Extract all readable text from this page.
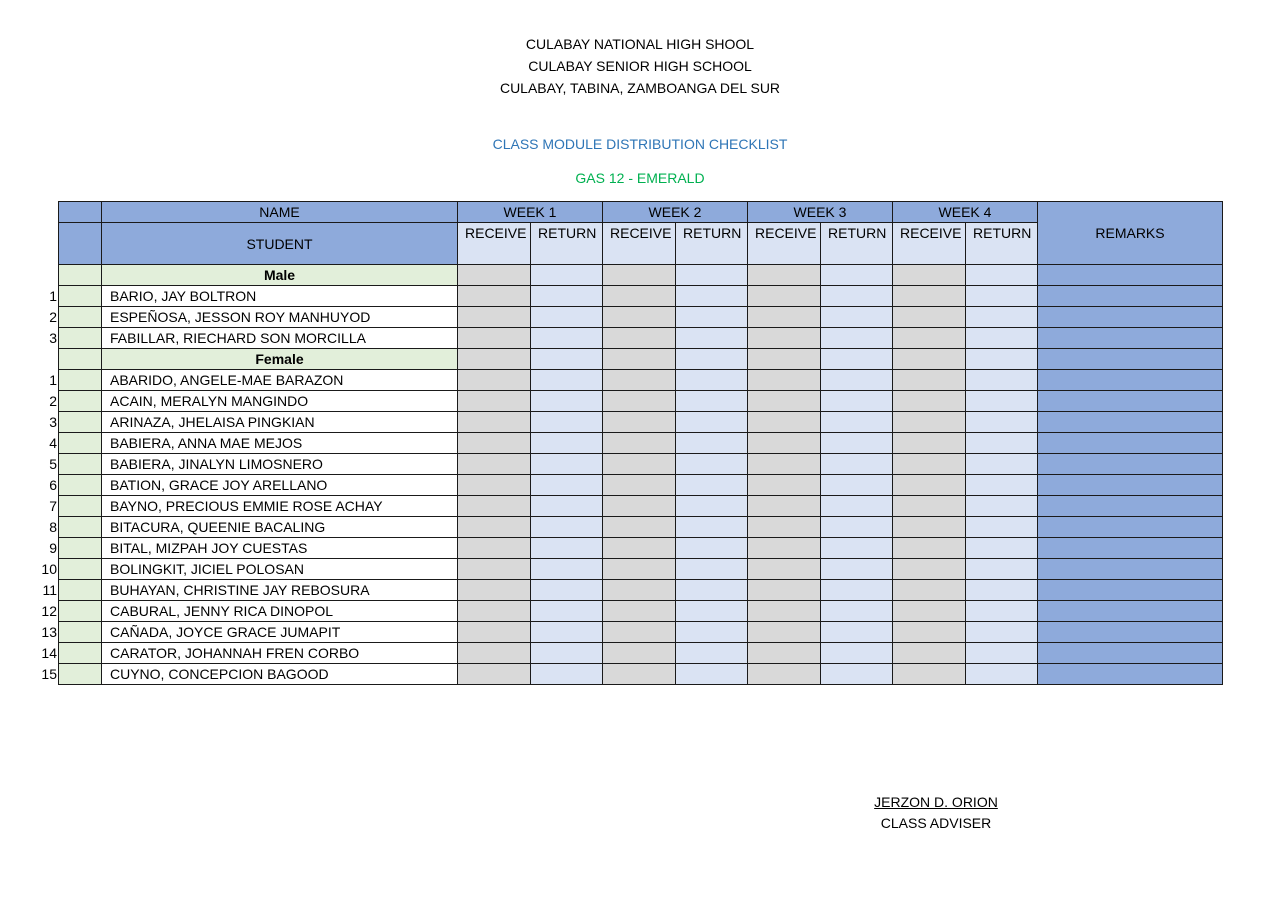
CULABAY NATIONAL HIGH SHOOL
CULABAY SENIOR HIGH SCHOOL
CULABAY, TABINA, ZAMBOANGA DEL SUR
CLASS MODULE DISTRIBUTION CHECKLIST
GAS 12 - EMERALD
	NAME	WEEK 1		WEEK 2		WEEK 3		WEEK 4		REMARKS
	STUDENT	RECEIVE	RETURN	RECEIVE	RETURN	RECEIVE	RETURN	RECEIVE	RETURN	
	Male									

1	BARIO, JAY BOLTRON									

2	ESPEÑOSA, JESSON ROY MANHUYOD									

3	FABILLAR, RIECHARD SON MORCILLA									
	Female									

1	ABARIDO, ANGELE-MAE BARAZON									

2	ACAIN, MERALYN MANGINDO									

3	ARINAZA, JHELAISA PINGKIAN									

4	BABIERA, ANNA MAE MEJOS									

5	BABIERA, JINALYN LIMOSNERO									

6	BATION, GRACE JOY ARELLANO									

7	BAYNO, PRECIOUS EMMIE ROSE ACHAY									

8	BITACURA, QUEENIE BACALING									

9	BITAL, MIZPAH JOY CUESTAS									

10	BOLINGKIT, JICIEL POLOSAN									

11	BUHAYAN, CHRISTINE JAY REBOSURA									

12	CABURAL, JENNY RICA DINOPOL									

13	CAÑADA, JOYCE GRACE JUMAPIT									

14	CARATOR, JOHANNAH FREN CORBO									

15	CUYNO, CONCEPCION BAGOOD									
JERZON D. ORION
CLASS ADVISER
